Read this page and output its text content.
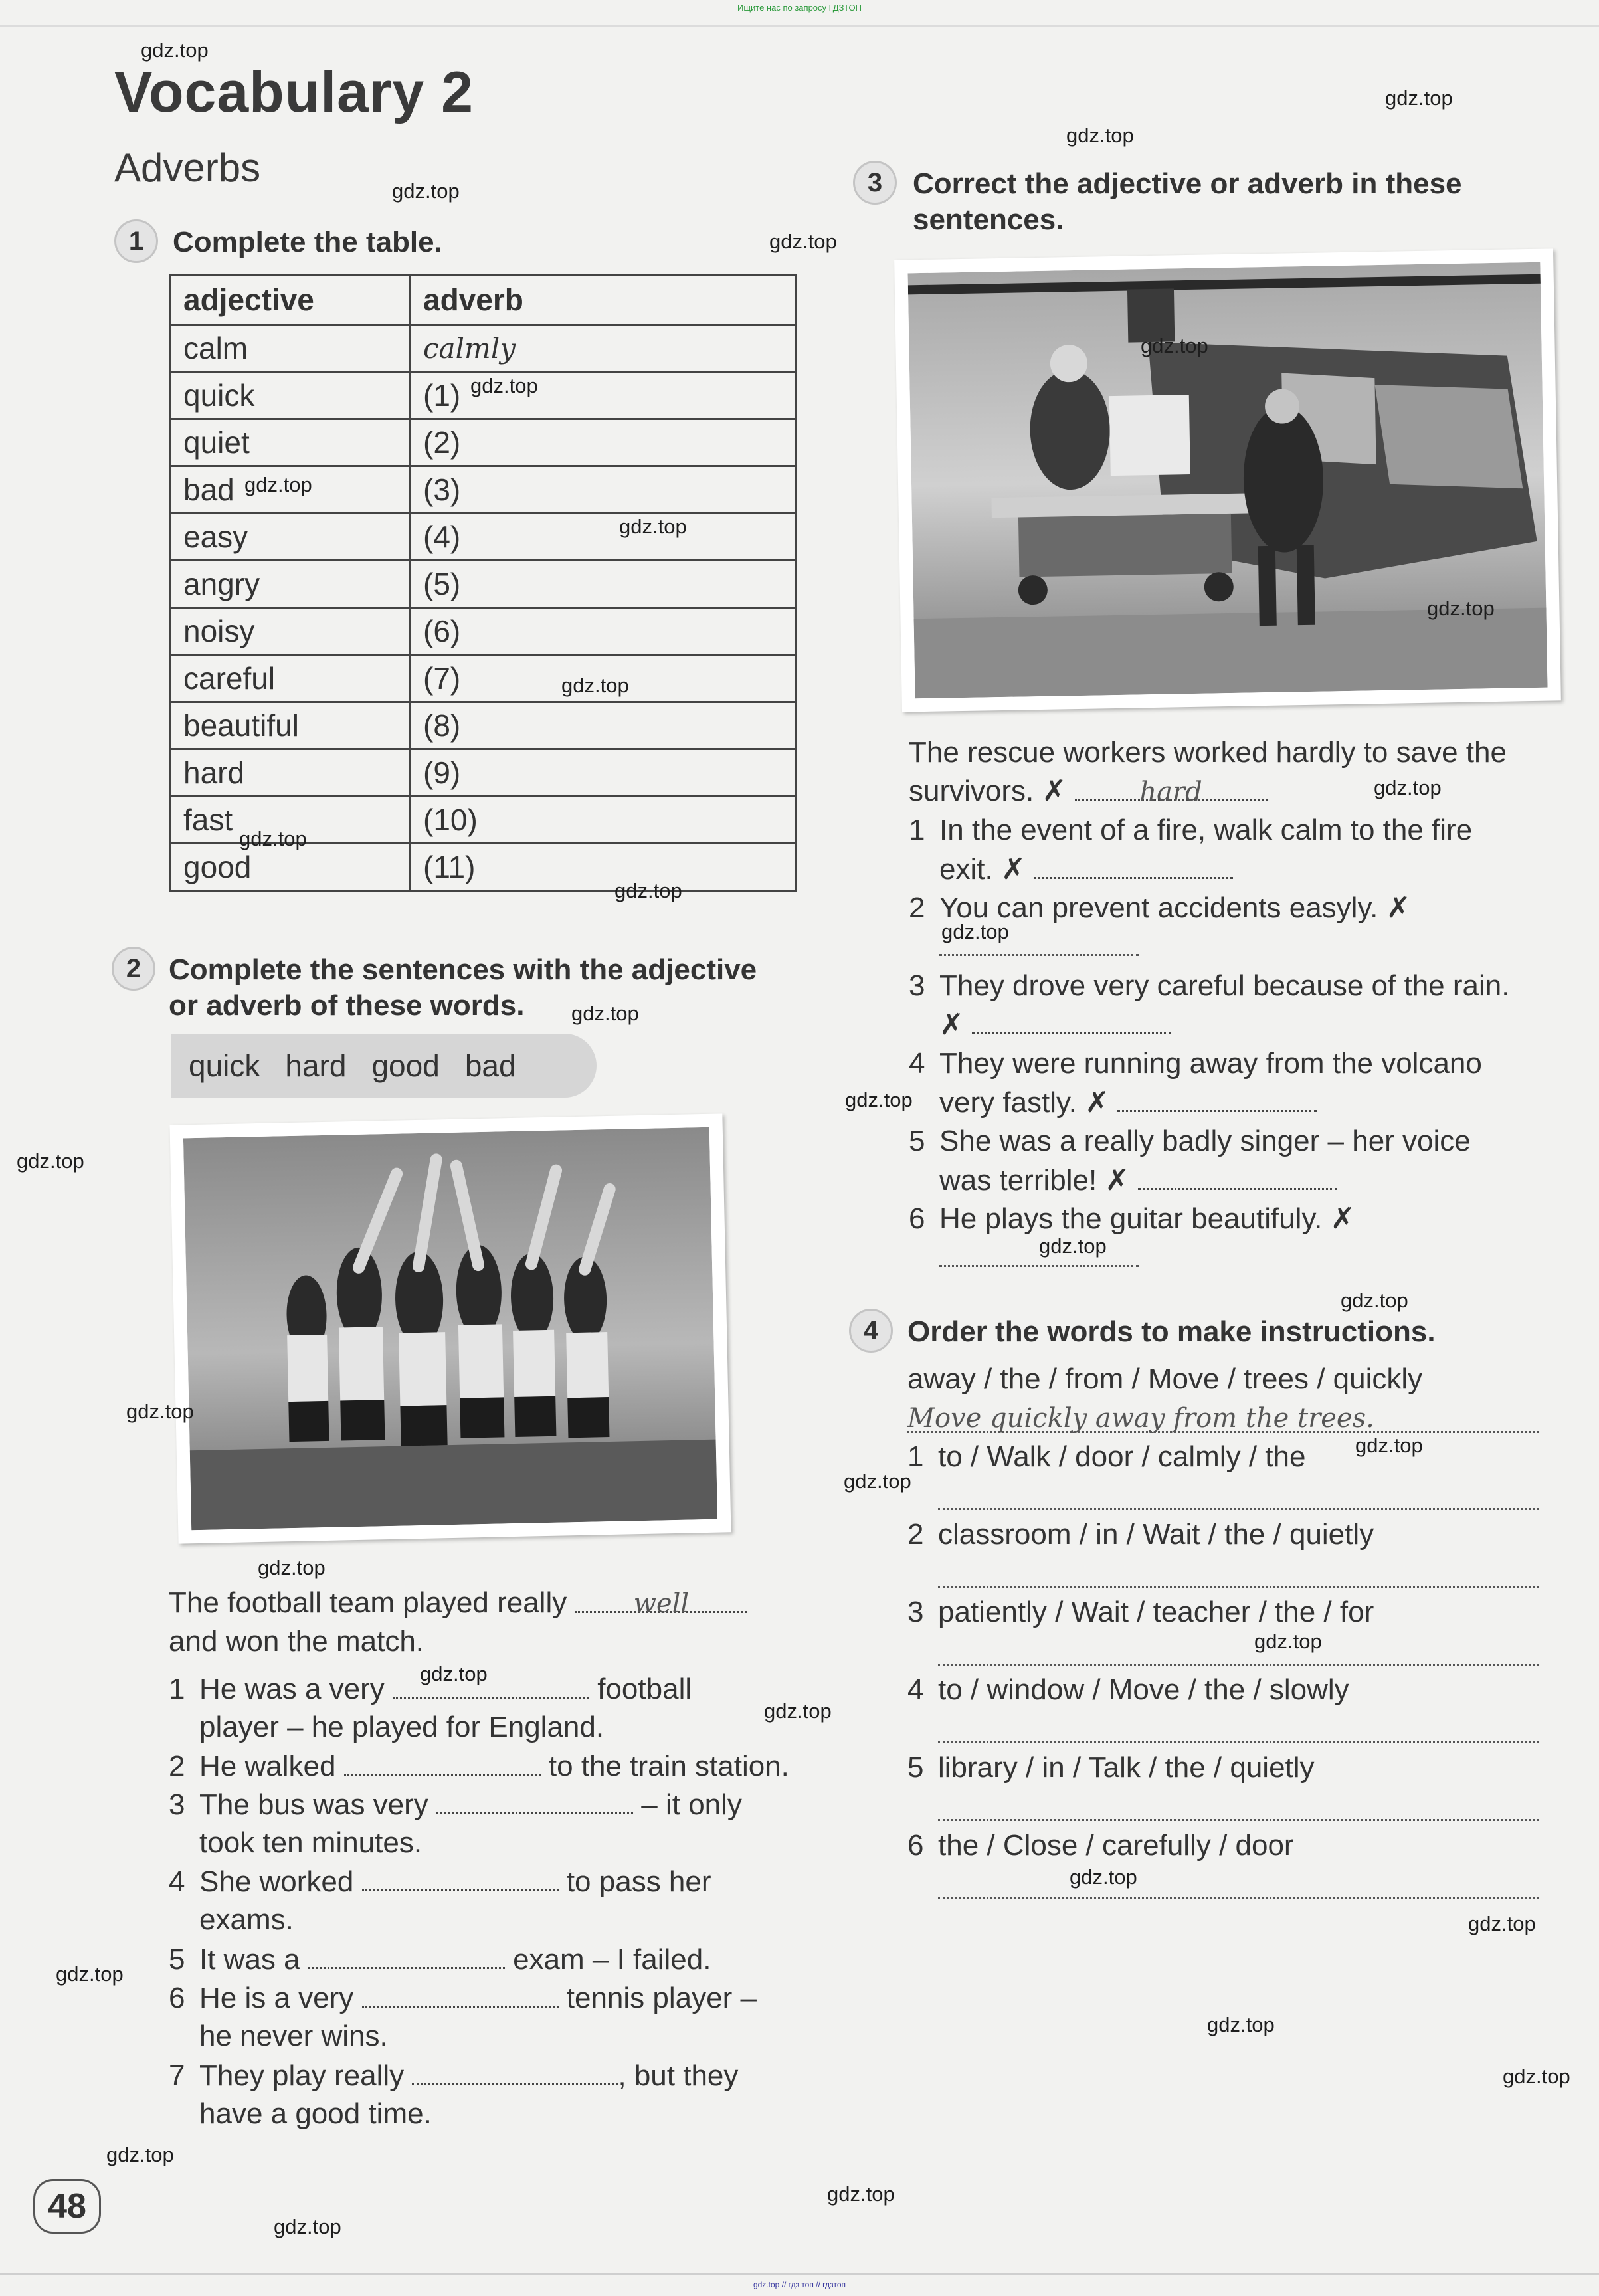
Ищите нас по запросу ГДЗТОП
Vocabulary 2
Adverbs
1 Complete the table.
adjective	adverb
calm	calmly
quick	(1)
quiet	(2)
bad	(3)
easy	(4)
angry	(5)
noisy	(6)
careful	(7)
beautiful	(8)
hard	(9)
fast	(10)
good	(11)
2 Complete the sentences with the adjective
or adverb of these words.
quick hard good bad
The football team played really	well
and won the match.
1 He was a very	football
player – he played for England.
2 He walked	to the train station.
3 The bus was very	– it only
took ten minutes.
4 She worked	to pass her
exams.
5 It was a	exam – I failed.
6 He is a very	tennis player –
he never wins.
7 They play really	, but they
have a good time.
3	Correct the adjective or adverb in these
sentences.
The rescue workers worked hardly to save the
survivors. ✗	hard
1 In the event of a fire, walk calm to the fire
exit. ✗
2 You can prevent accidents easyly. ✗
3 They drove very careful because of the rain.
✗
4 They were running away from the volcano
very fastly. ✗
5 She was a really badly singer – her voice
was terrible! ✗
6 He plays the guitar beautifuly. ✗
4 Order the words to make instructions.
away / the / from / Move / trees / quickly
Move quickly away from the trees.
1 to / Walk / door / calmly / the
2 classroom / in / Wait / the / quietly
3 patiently / Wait / teacher / the / for
4 to / window / Move / the / slowly
5 library / in / Talk / the / quietly
6 the / Close / carefully / door
48
gdz.top
gdz.top
gdz.top
gdz.top
gdz.top
gdz.top
gdz.top
gdz.top
gdz.top
gdz.top
gdz.top
gdz.top
gdz.top
gdz.top
gdz.top
gdz.top
gdz.top
gdz.top
gdz.top
gdz.top
gdz.top
gdz.top
gdz.top
gdz.top
gdz.top
gdz.top
gdz.top
gdz.top
gdz.top
gdz.top
gdz.top
gdz.top
gdz.top
gdz.top
gdz.top
gdz.top // гдз топ // гдзтоп
